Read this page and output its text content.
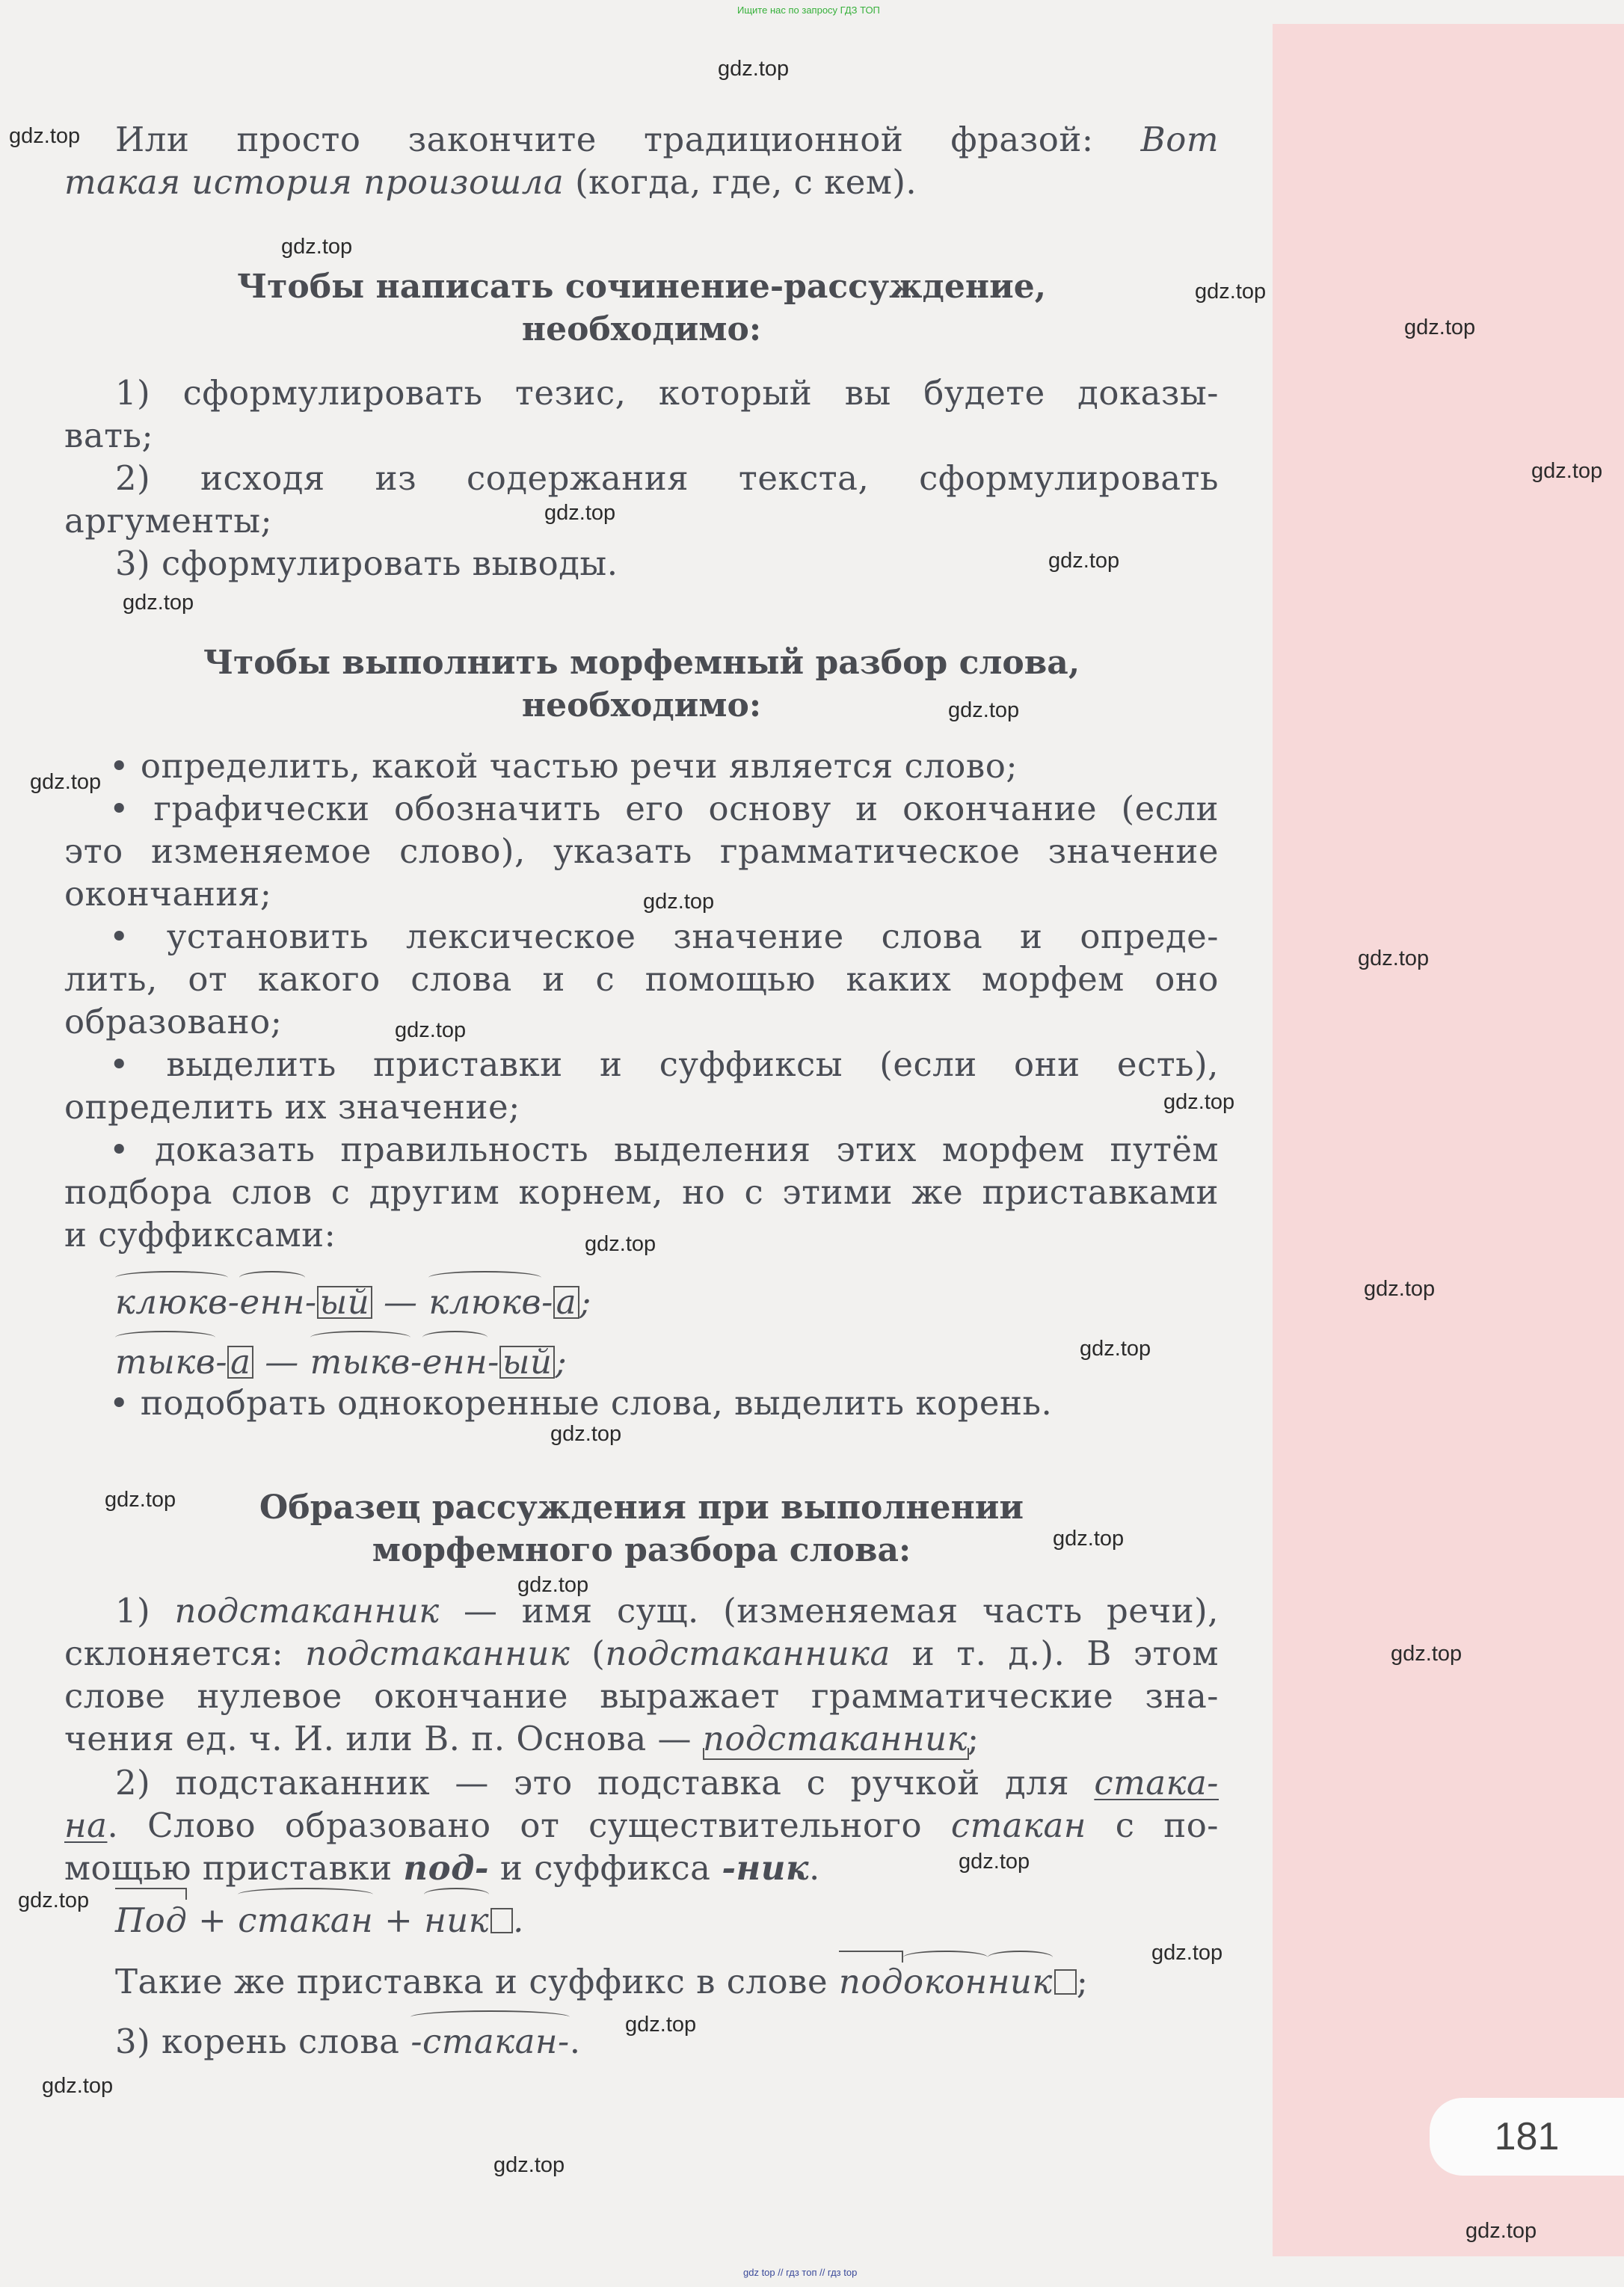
181
Ищите нас по запросу ГДЗ ТОП
gdz top // гдз топ // гдз top
gdz.top
gdz.top
gdz.top
gdz.top
gdz.top
gdz.top
gdz.top
gdz.top
gdz.top
gdz.top
gdz.top
gdz.top
gdz.top
gdz.top
gdz.top
gdz.top
gdz.top
gdz.top
gdz.top
gdz.top
gdz.top
gdz.top
gdz.top
gdz.top
gdz.top
gdz.top
gdz.top
gdz.top
gdz.top
gdz.top
Или просто закончите традиционной фразой: Вот
такая история произошла (когда, где, с кем).
Чтобы написать сочинение-рассуждение,
необходимо:
1) сформулировать тезис, который вы будете доказы-
вать;
2) исходя из содержания текста, сформулировать
аргументы;
3) сформулировать выводы.
Чтобы выполнить морфемный разбор слова,
необходимо:
• определить, какой частью речи является слово;
• графически обозначить его основу и окончание (если
это изменяемое слово), указать грамматическое значение
окончания;
• установить лексическое значение слова и опреде-
лить, от какого слова и с помощью каких морфем оно
образовано;
• выделить приставки и суффиксы (если они есть),
определить их значение;
• доказать правильность выделения этих морфем путём
подбора слов с другим корнем, но с этими же приставками
и суффиксами:
клюкв-енн-ый — клюкв-а;
тыкв-а — тыкв-енн-ый;
• подобрать однокоренные слова, выделить корень.
Образец рассуждения при выполнении
морфемного разбора слова:
1) подстаканник — имя сущ. (изменяемая часть речи),
склоняется: подстаканник (подстаканника и т. д.). В этом
слове нулевое окончание выражает грамматические зна-
чения ед. ч. И. или В. п. Основа — подстаканник;
2) подстаканник — это подставка с ручкой для стака-
на. Слово образовано от существительного стакан с по-
мощью приставки под- и суффикса -ник.
Под + стакан + ник .
Такие же приставка и суффикс в слове подоконник ;
3) корень слова -стакан-.
